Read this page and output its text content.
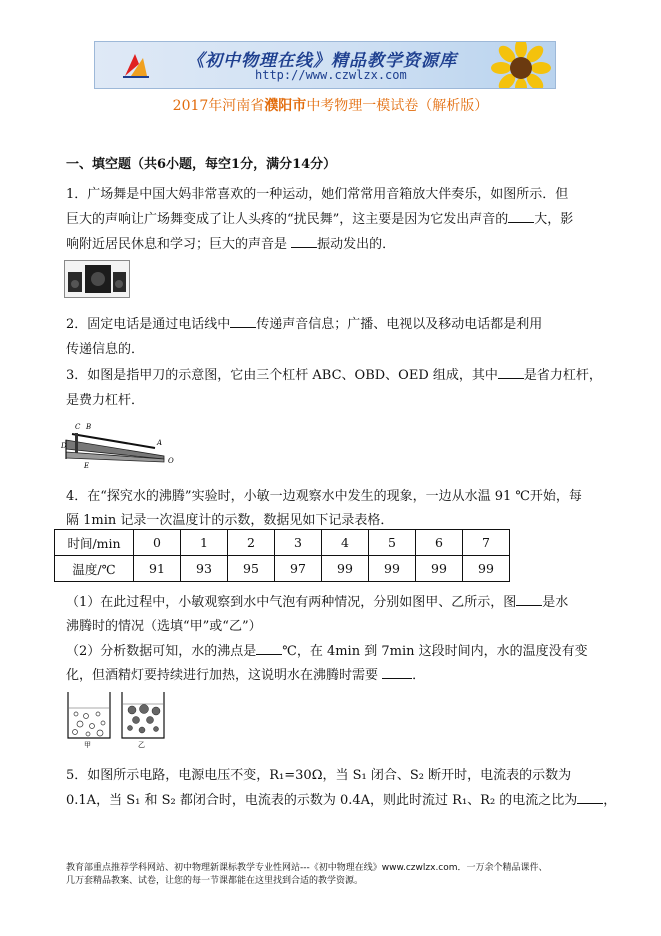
《初中物理在线》精品教学资源库
http://www.czwlzx.com
2017年河南省濮阳市中考物理一模试卷（解析版）
一、填空题（共6小题，每空1分，满分14分）
1．广场舞是中国大妈非常喜欢的一种运动，她们常常用音箱放大伴奏乐，如图所示．但
巨大的声响让广场舞变成了让人头疼的“扰民舞”，这主要是因为它发出声音的 大，影
响附近居民休息和学习；巨大的声音是 振动发出的．
2．固定电话是通过电话线中 传递声音信息；广播、电视以及移动电话都是利用
传递信息的．
3．如图是指甲刀的示意图，它由三个杠杆 ABC、OBD、OED 组成，其中 是省力杠杆，
是费力杠杆．
C B
A
D
O
E
4．在“探究水的沸腾”实验时，小敏一边观察水中发生的现象，一边从水温 91 ℃开始，每
隔 1min 记录一次温度计的示数，数据见如下记录表格．
时间/min	0	1	2	3	4	5	6	7
温度/℃	91	93	95	97	99	99	99	99
（1）在此过程中，小敏观察到水中气泡有两种情况，分别如图甲、乙所示，图 是水
沸腾时的情况（选填“甲”或“乙”）
（2）分析数据可知，水的沸点是 ℃，在 4min 到 7min 这段时间内，水的温度没有变
化，但酒精灯要持续进行加热，这说明水在沸腾时需要 ．
甲	乙
5．如图所示电路，电源电压不变，R₁=30Ω，当 S₁ 闭合、S₂ 断开时，电流表的示数为
0.1A，当 S₁ 和 S₂ 都闭合时，电流表的示数为 0.4A，则此时流过 R₁、R₂ 的电流之比为 ，
教育部重点推荐学科网站、初中物理新课标教学专业性网站---《初中物理在线》www.czwlzx.com．一万余个精品课件、
几万套精品教案、试卷，让您的每一节课都能在这里找到合适的教学资源。
